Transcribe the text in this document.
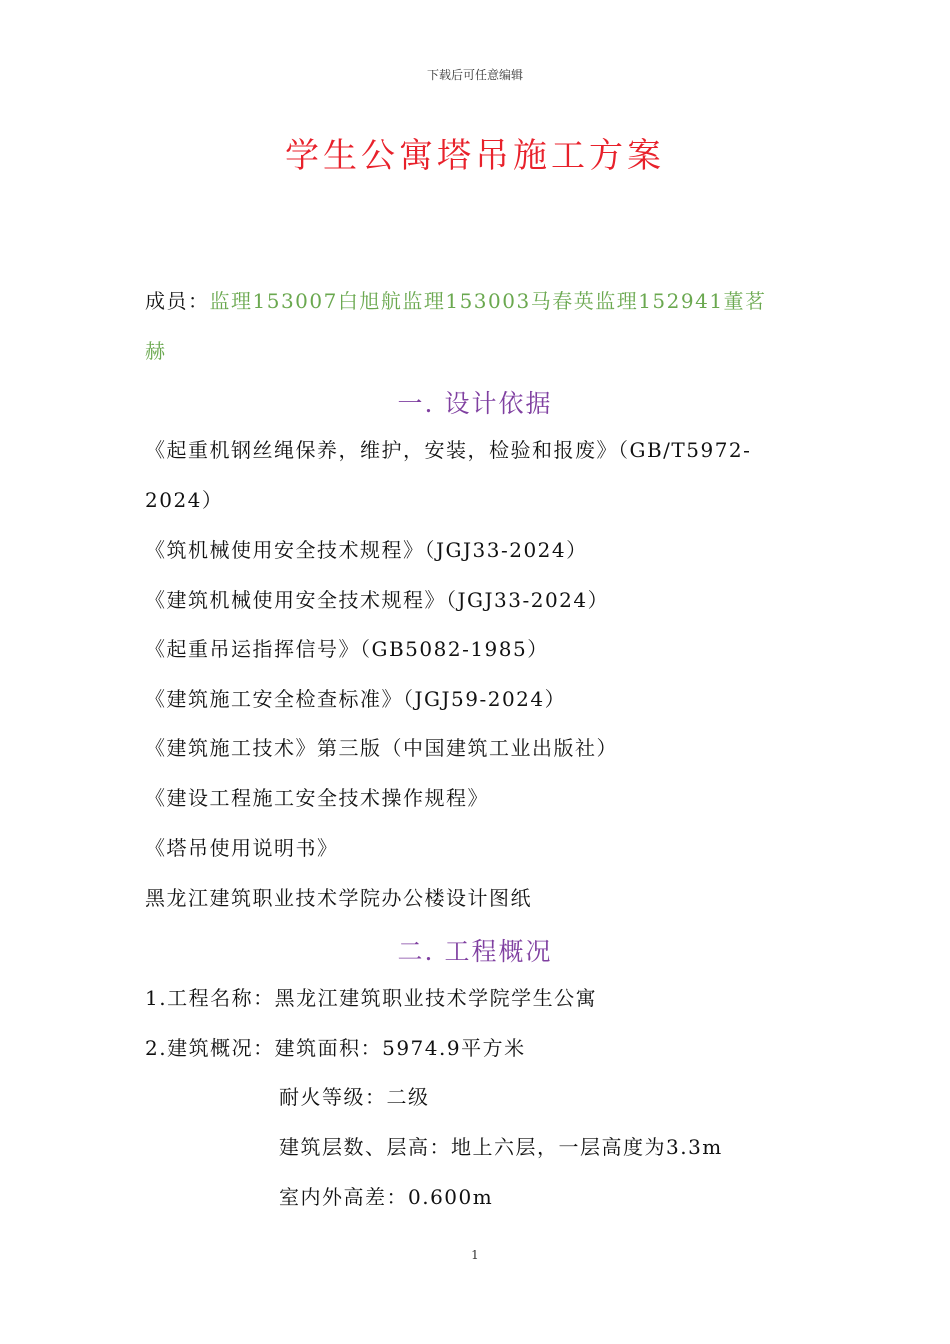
下载后可任意编辑
学生公寓塔吊施工方案
成员：监理153007白旭航监理153003马春英监理152941董茗
赫
一. 设计依据
《起重机钢丝绳保养，维护，安装，检验和报废》（GB/T5972-
2024）
《筑机械使用安全技术规程》（JGJ33-2024）
《建筑机械使用安全技术规程》（JGJ33-2024）
《起重吊运指挥信号》（GB5082-1985）
《建筑施工安全检查标准》（JGJ59-2024）
《建筑施工技术》第三版（中国建筑工业出版社）
《建设工程施工安全技术操作规程》
《塔吊使用说明书》
黑龙江建筑职业技术学院办公楼设计图纸
二. 工程概况
1.工程名称：黑龙江建筑职业技术学院学生公寓
2.建筑概况：建筑面积：5974.9平方米
耐火等级：二级
建筑层数、层高：地上六层，一层高度为3.3m
室内外高差：0.600m
1
